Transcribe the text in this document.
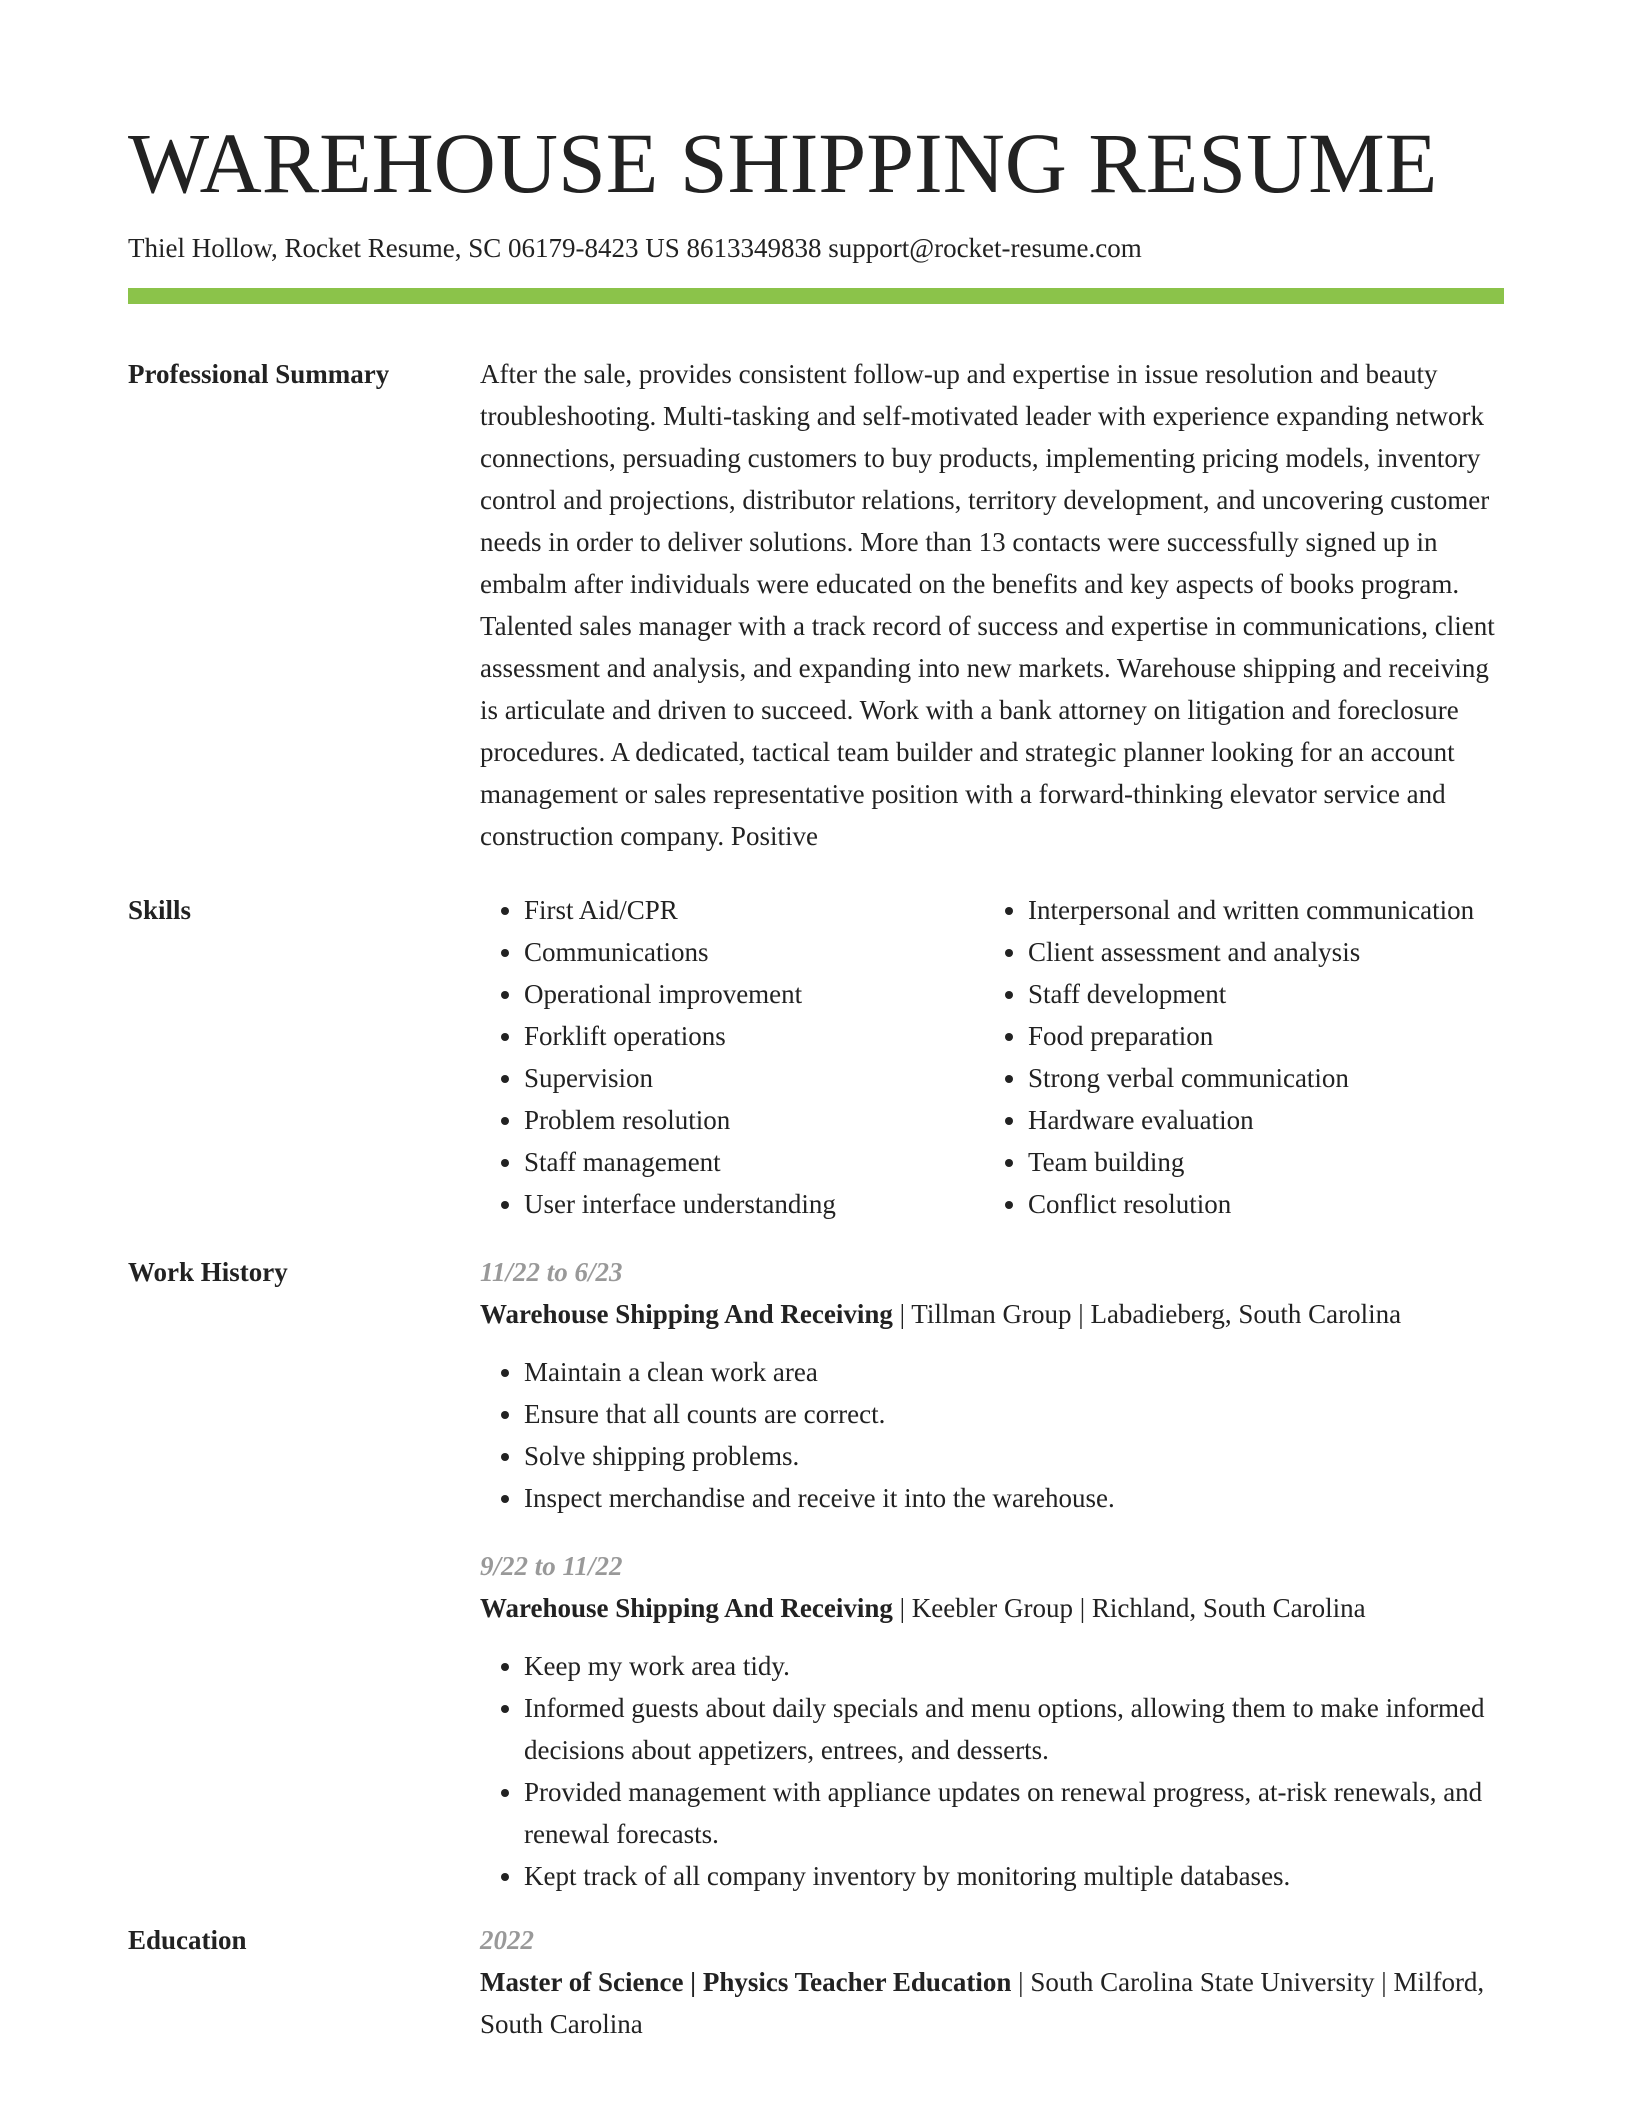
WAREHOUSE SHIPPING RESUME
Thiel Hollow, Rocket Resume, SC 06179-8423 US 8613349838 support@rocket-resume.com
Professional Summary	After the sale, provides consistent follow-up and expertise in issue resolution and beauty troubleshooting. Multi-tasking and self-motivated leader with experience expanding network connections, persuading customers to buy products, implementing pricing models, inventory control and projections, distributor relations, territory development, and uncovering customer needs in order to deliver solutions. More than 13 contacts were successfully signed up in embalm after individuals were educated on the benefits and key aspects of books program. Talented sales manager with a track record of success and expertise in communications, client assessment and analysis, and expanding into new markets. Warehouse shipping and receiving is articulate and driven to succeed. Work with a bank attorney on litigation and foreclosure procedures. A dedicated, tactical team builder and strategic planner looking for an account management or sales representative position with a forward-thinking elevator service and construction company. Positive
Skills
•	First Aid/CPR
• Communications
• Operational improvement
• Forklift operations
• Supervision
• Problem resolution
• Staff management
• User interface understanding
• Interpersonal and written communication
• Client assessment and analysis
• Staff development
• Food preparation
• Strong verbal communication
• Hardware evaluation
• Team building
• Conflict resolution
Work History	11/22 to 6/23
Warehouse Shipping And Receiving | Tillman Group | Labadieberg, South Carolina
• Maintain a clean work area
• Ensure that all counts are correct.
• Solve shipping problems.
• Inspect merchandise and receive it into the warehouse.
9/22 to 11/22
Warehouse Shipping And Receiving | Keebler Group | Richland, South Carolina
• Keep my work area tidy.
• Informed guests about daily specials and menu options, allowing them to make informed decisions about appetizers, entrees, and desserts.
• Provided management with appliance updates on renewal progress, at-risk renewals, and renewal forecasts.
• Kept track of all company inventory by monitoring multiple databases.
Education	2022
Master of Science | Physics Teacher Education | South Carolina State University | Milford, South Carolina
